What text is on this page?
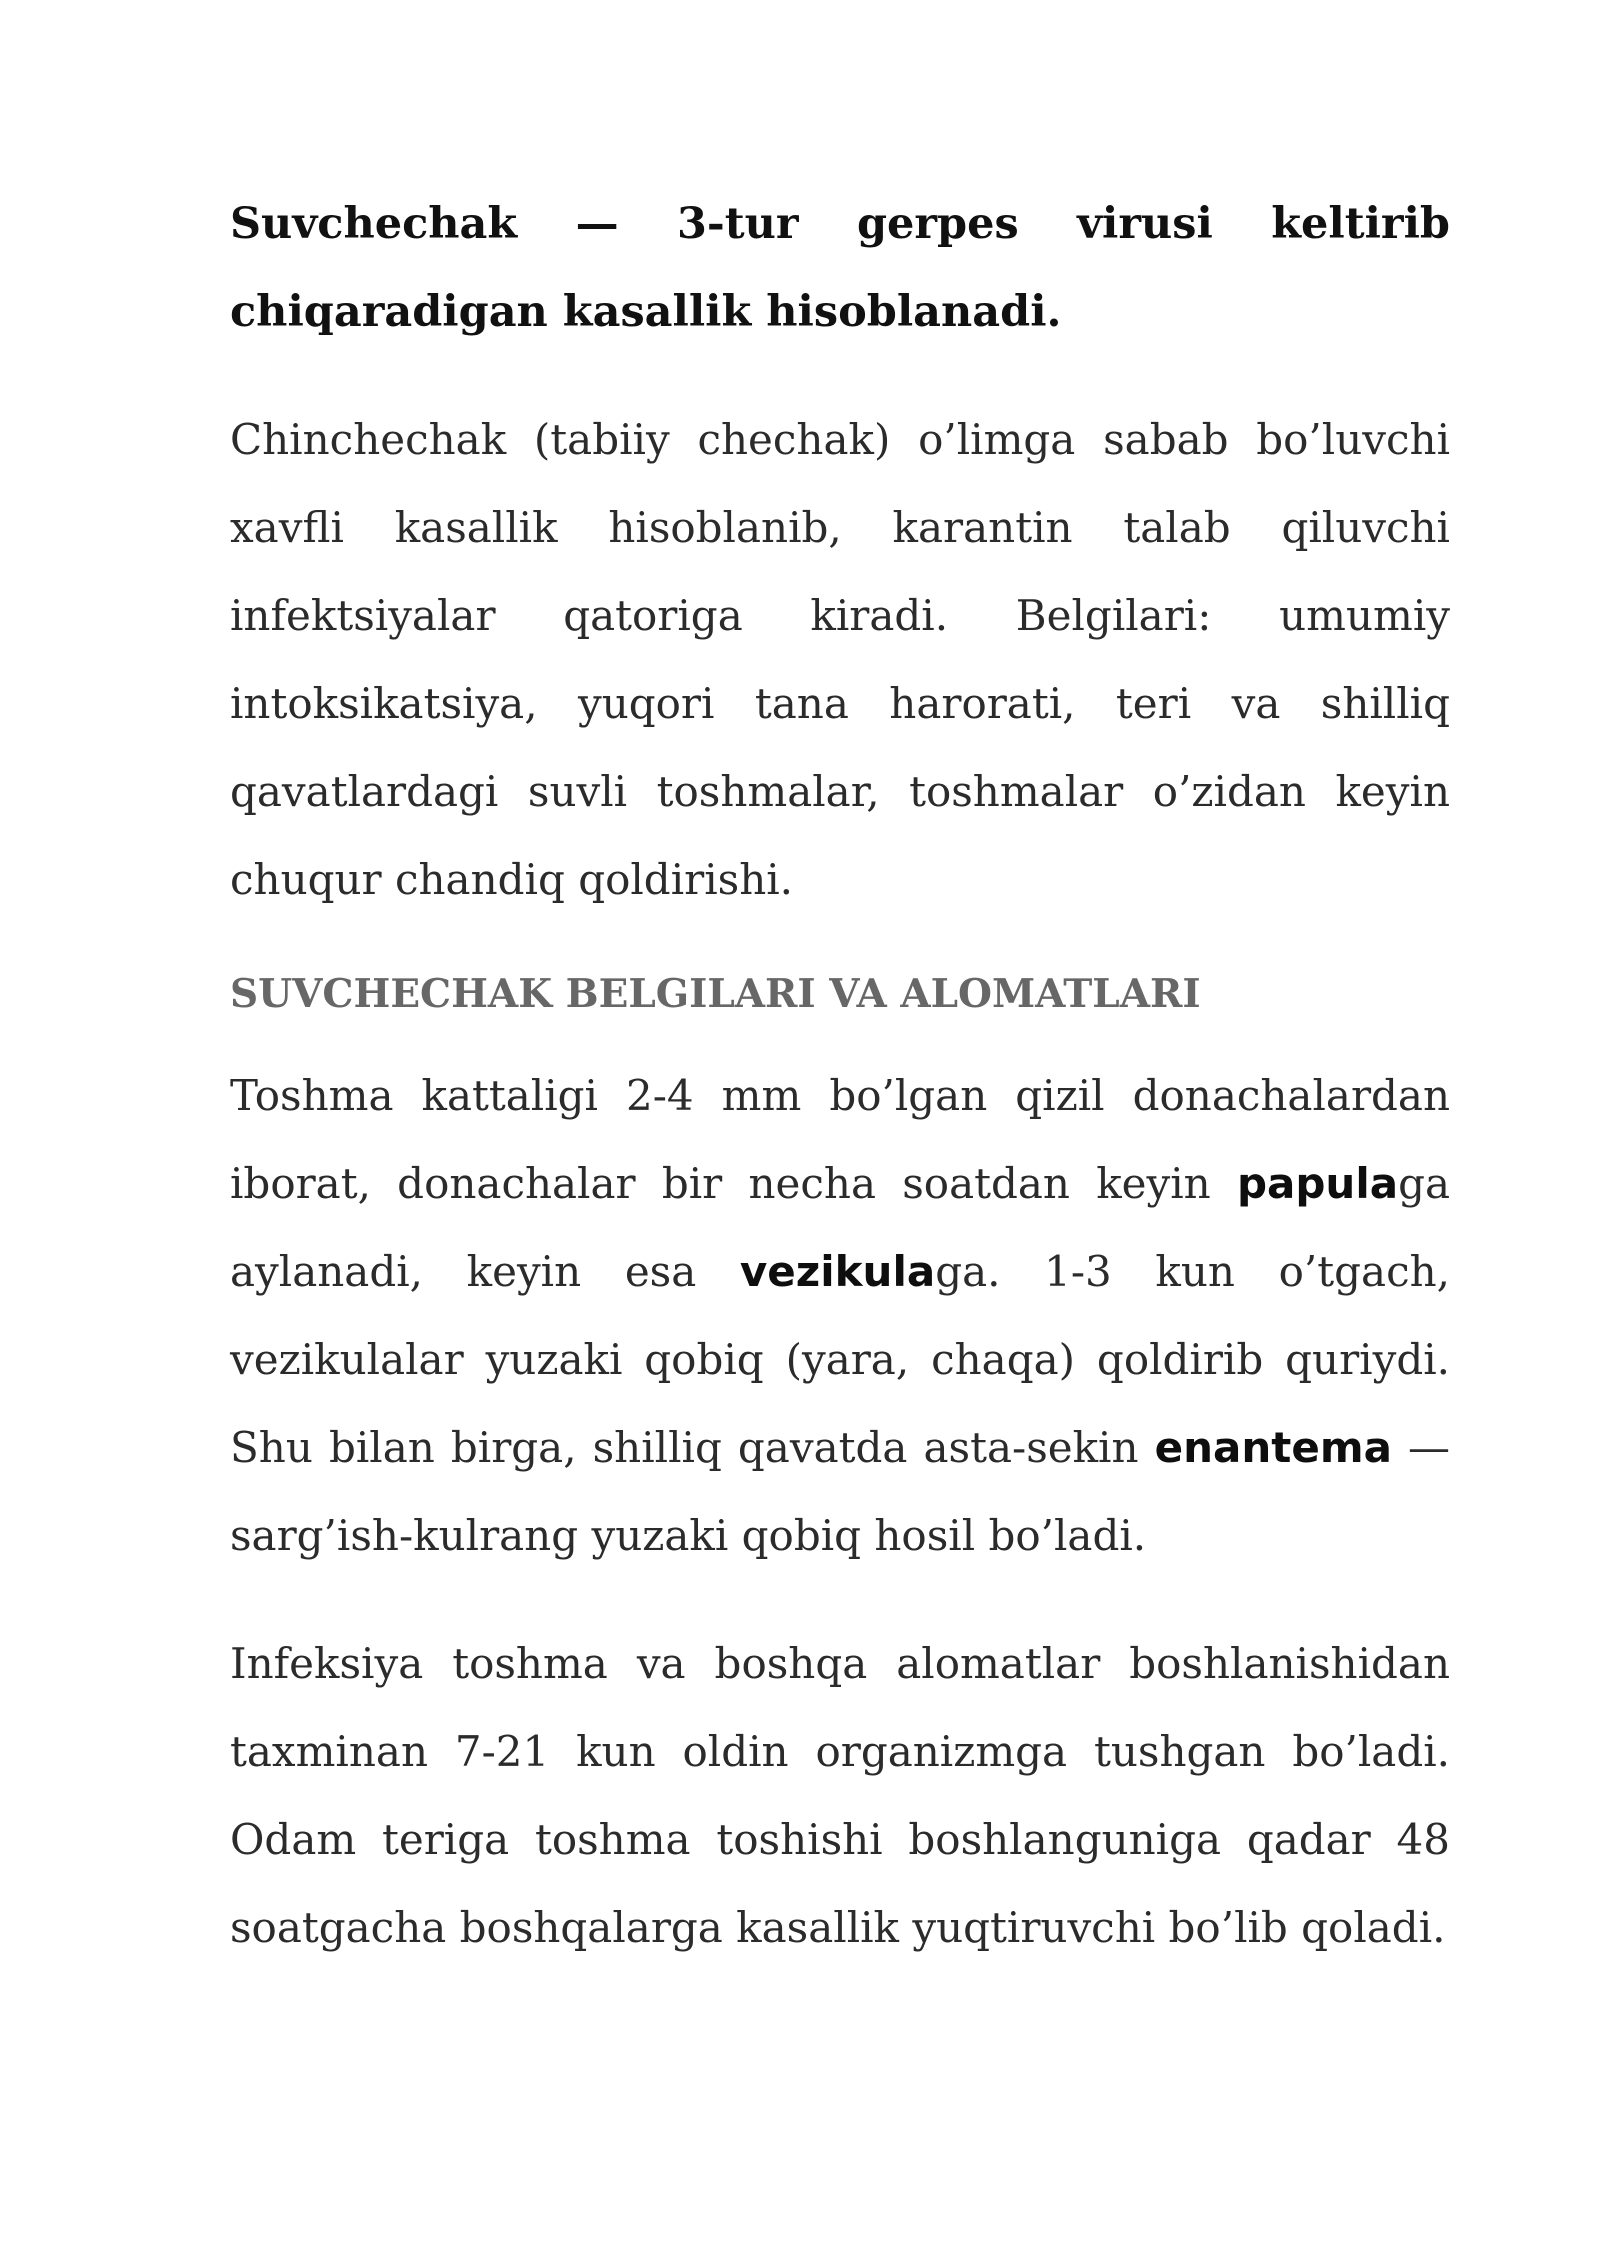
Suvchechak — 3-tur gerpes virusi keltirib chiqaradigan kasallik hisoblanadi.

Chinchechak (tabiiy chechak) o’limga sabab bo’luvchi xavfli kasallik hisoblanib, karantin talab qiluvchi infektsiyalar qatoriga kiradi. Belgilari: umumiy intoksikatsiya, yuqori tana harorati, teri va shilliq qavatlardagi suvli toshmalar, toshmalar o’zidan keyin chuqur chandiq qoldirishi.

SUVCHECHAK BELGILARI VA ALOMATLARI

Toshma kattaligi 2-4 mm bo’lgan qizil donachalardan iborat, donachalar bir necha soatdan keyin papulaga aylanadi, keyin esa vezikulaga. 1-3 kun o’tgach, vezikulalar yuzaki qobiq (yara, chaqa) qoldirib quriydi. Shu bilan birga, shilliq qavatda asta-sekin enantema — sarg’ish-kulrang yuzaki qobiq hosil bo’ladi.

Infeksiya toshma va boshqa alomatlar boshlanishidan taxminan 7-21 kun oldin organizmga tushgan bo’ladi. Odam teriga toshma toshishi boshlanguniga qadar 48 soatgacha boshqalarga kasallik yuqtiruvchi bo’lib qoladi.
